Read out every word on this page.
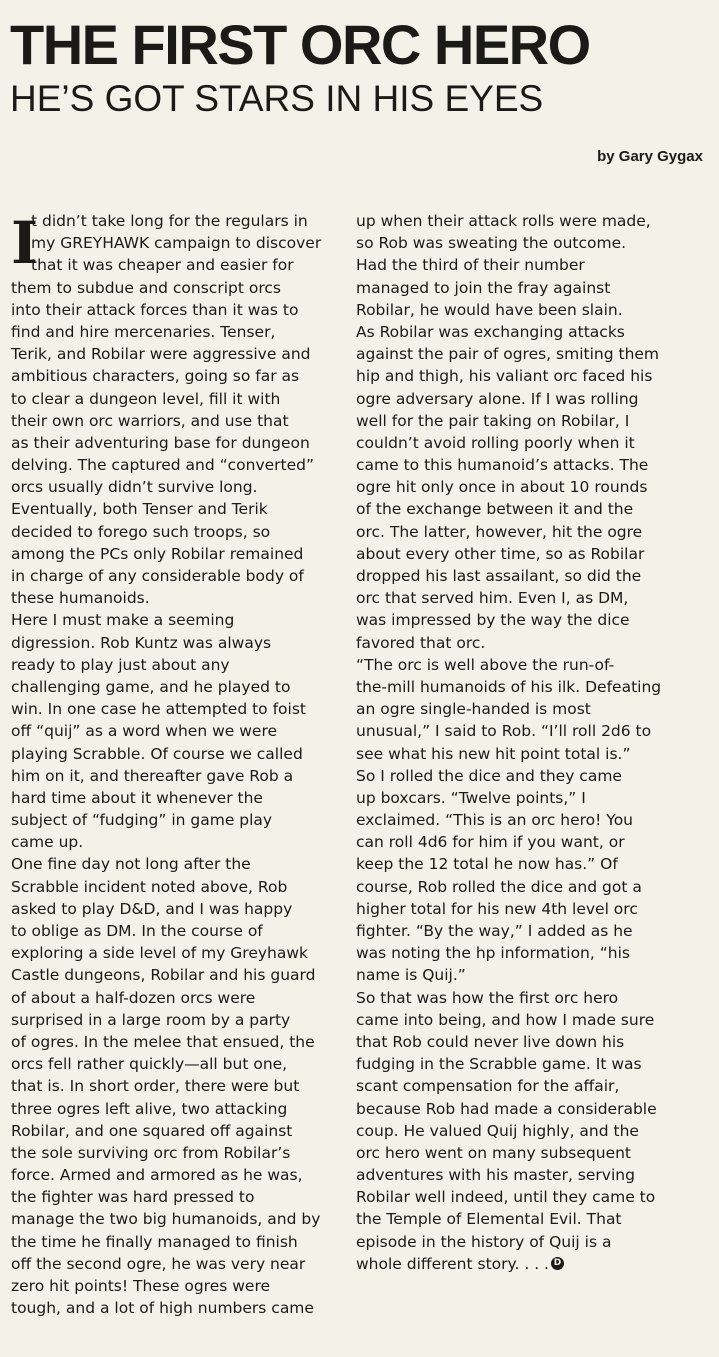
THE FIRST ORC HERO
HE’S GOT STARS IN HIS EYES
by Gary Gygax
I
t didn’t take long for the regulars in
my GREYHAWK campaign to discover
that it was cheaper and easier for
them to subdue and conscript orcs
into their attack forces than it was to
find and hire mercenaries. Tenser,
Terik, and Robilar were aggressive and
ambitious characters, going so far as
to clear a dungeon level, fill it with
their own orc warriors, and use that
as their adventuring base for dungeon
delving. The captured and “converted”
orcs usually didn’t survive long.
Eventually, both Tenser and Terik
decided to forego such troops, so
among the PCs only Robilar remained
in charge of any considerable body of
these humanoids.
Here I must make a seeming
digression. Rob Kuntz was always
ready to play just about any
challenging game, and he played to
win. In one case he attempted to foist
off “quij” as a word when we were
playing Scrabble. Of course we called
him on it, and thereafter gave Rob a
hard time about it whenever the
subject of “fudging” in game play
came up.
One fine day not long after the
Scrabble incident noted above, Rob
asked to play D&D, and I was happy
to oblige as DM. In the course of
exploring a side level of my Greyhawk
Castle dungeons, Robilar and his guard
of about a half-dozen orcs were
surprised in a large room by a party
of ogres. In the melee that ensued, the
orcs fell rather quickly—all but one,
that is. In short order, there were but
three ogres left alive, two attacking
Robilar, and one squared off against
the sole surviving orc from Robilar’s
force. Armed and armored as he was,
the fighter was hard pressed to
manage the two big humanoids, and by
the time he finally managed to finish
off the second ogre, he was very near
zero hit points! These ogres were
tough, and a lot of high numbers came
up when their attack rolls were made,
so Rob was sweating the outcome.
Had the third of their number
managed to join the fray against
Robilar, he would have been slain.
As Robilar was exchanging attacks
against the pair of ogres, smiting them
hip and thigh, his valiant orc faced his
ogre adversary alone. If I was rolling
well for the pair taking on Robilar, I
couldn’t avoid rolling poorly when it
came to this humanoid’s attacks. The
ogre hit only once in about 10 rounds
of the exchange between it and the
orc. The latter, however, hit the ogre
about every other time, so as Robilar
dropped his last assailant, so did the
orc that served him. Even I, as DM,
was impressed by the way the dice
favored that orc.
“The orc is well above the run-of-
the-mill humanoids of his ilk. Defeating
an ogre single-handed is most
unusual,” I said to Rob. “I’ll roll 2d6 to
see what his new hit point total is.”
So I rolled the dice and they came
up boxcars. “Twelve points,” I
exclaimed. “This is an orc hero! You
can roll 4d6 for him if you want, or
keep the 12 total he now has.” Of
course, Rob rolled the dice and got a
higher total for his new 4th level orc
fighter. “By the way,” I added as he
was noting the hp information, “his
name is Quij.”
So that was how the first orc hero
came into being, and how I made sure
that Rob could never live down his
fudging in the Scrabble game. It was
scant compensation for the affair,
because Rob had made a considerable
coup. He valued Quij highly, and the
orc hero went on many subsequent
adventures with his master, serving
Robilar well indeed, until they came to
the Temple of Elemental Evil. That
episode in the history of Quij is a
whole different story. . . . D
